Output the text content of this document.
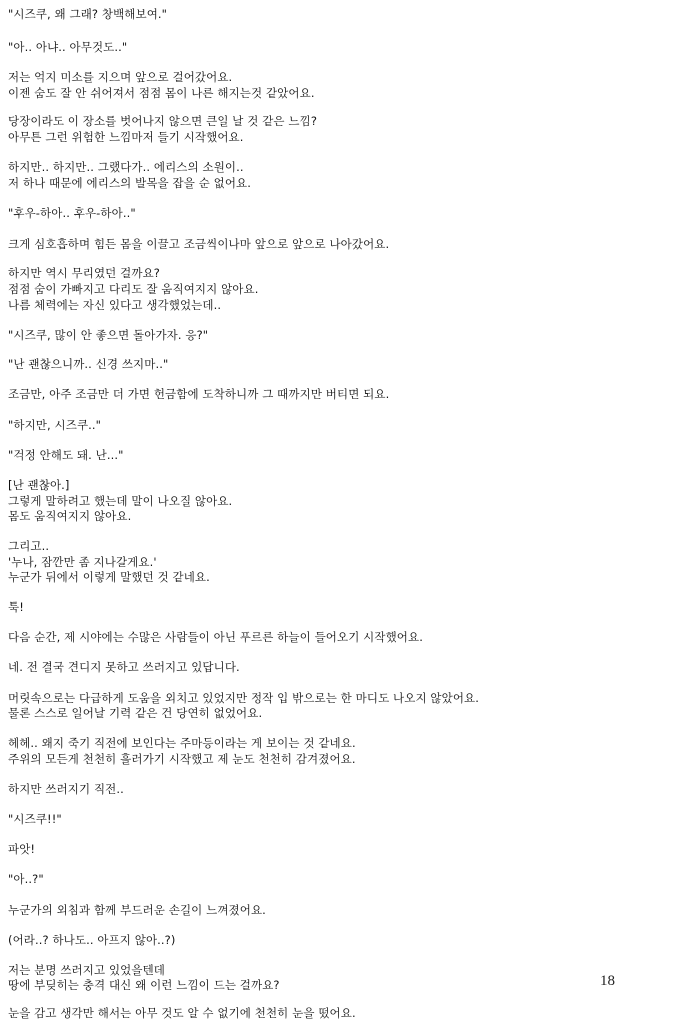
"시즈쿠, 왜 그래? 창백해보여."
"아.. 아냐.. 아무것도.."
저는 억지 미소를 지으며 앞으로 걸어갔어요.
이젠 숨도 잘 안 쉬어져서 점점 몸이 나른 해지는것 같았어요.
당장이라도 이 장소를 벗어나지 않으면 큰일 날 것 같은 느낌?
아무튼 그런 위험한 느낌마저 들기 시작했어요.
하지만.. 하지만.. 그랬다가.. 에리스의 소원이..
저 하나 때문에 에리스의 발목을 잡을 순 없어요.
"후우-하아.. 후우-하아.."
크게 심호흡하며 힘든 몸을 이끌고 조금씩이나마 앞으로 앞으로 나아갔어요.
하지만 역시 무리였던 걸까요?
점점 숨이 가빠지고 다리도 잘 움직여지지 않아요.
나름 체력에는 자신 있다고 생각했었는데..
"시즈쿠, 많이 안 좋으면 돌아가자. 응?"
"난 괜찮으니까.. 신경 쓰지마.."
조금만, 아주 조금만 더 가면 헌금함에 도착하니까 그 때까지만 버티면 되요.
"하지만, 시즈쿠.."
"걱정 안해도 돼. 난..."
[난 괜찮아.]
그렇게 말하려고 했는데 말이 나오질 않아요.
몸도 움직여지지 않아요.
그리고..
'누나, 잠깐만 좀 지나갈게요.'
누군가 뒤에서 이렇게 말했던 것 같네요.
툭!
다음 순간, 제 시야에는 수많은 사람들이 아닌 푸르른 하늘이 들어오기 시작했어요.
네. 전 결국 견디지 못하고 쓰러지고 있답니다.
머릿속으로는 다급하게 도움을 외치고 있었지만 정작 입 밖으로는 한 마디도 나오지 않았어요.
물론 스스로 일어날 기력 같은 건 당연히 없었어요.
헤헤.. 왜지 죽기 직전에 보인다는 주마등이라는 게 보이는 것 같네요.
주위의 모든게 천천히 흘러가기 시작했고 제 눈도 천천히 감겨졌어요.
하지만 쓰러지기 직전..
"시즈쿠!!"
파앗!
"아..?"
누군가의 외침과 함께 부드러운 손길이 느껴졌어요.
(어라..? 하나도.. 아프지 않아..?)
저는 분명 쓰러지고 있었을텐데
땅에 부딪히는 충격 대신 왜 이런 느낌이 드는 걸까요?
눈을 감고 생각만 해서는 아무 것도 알 수 없기에 천천히 눈을 떴어요.
18
